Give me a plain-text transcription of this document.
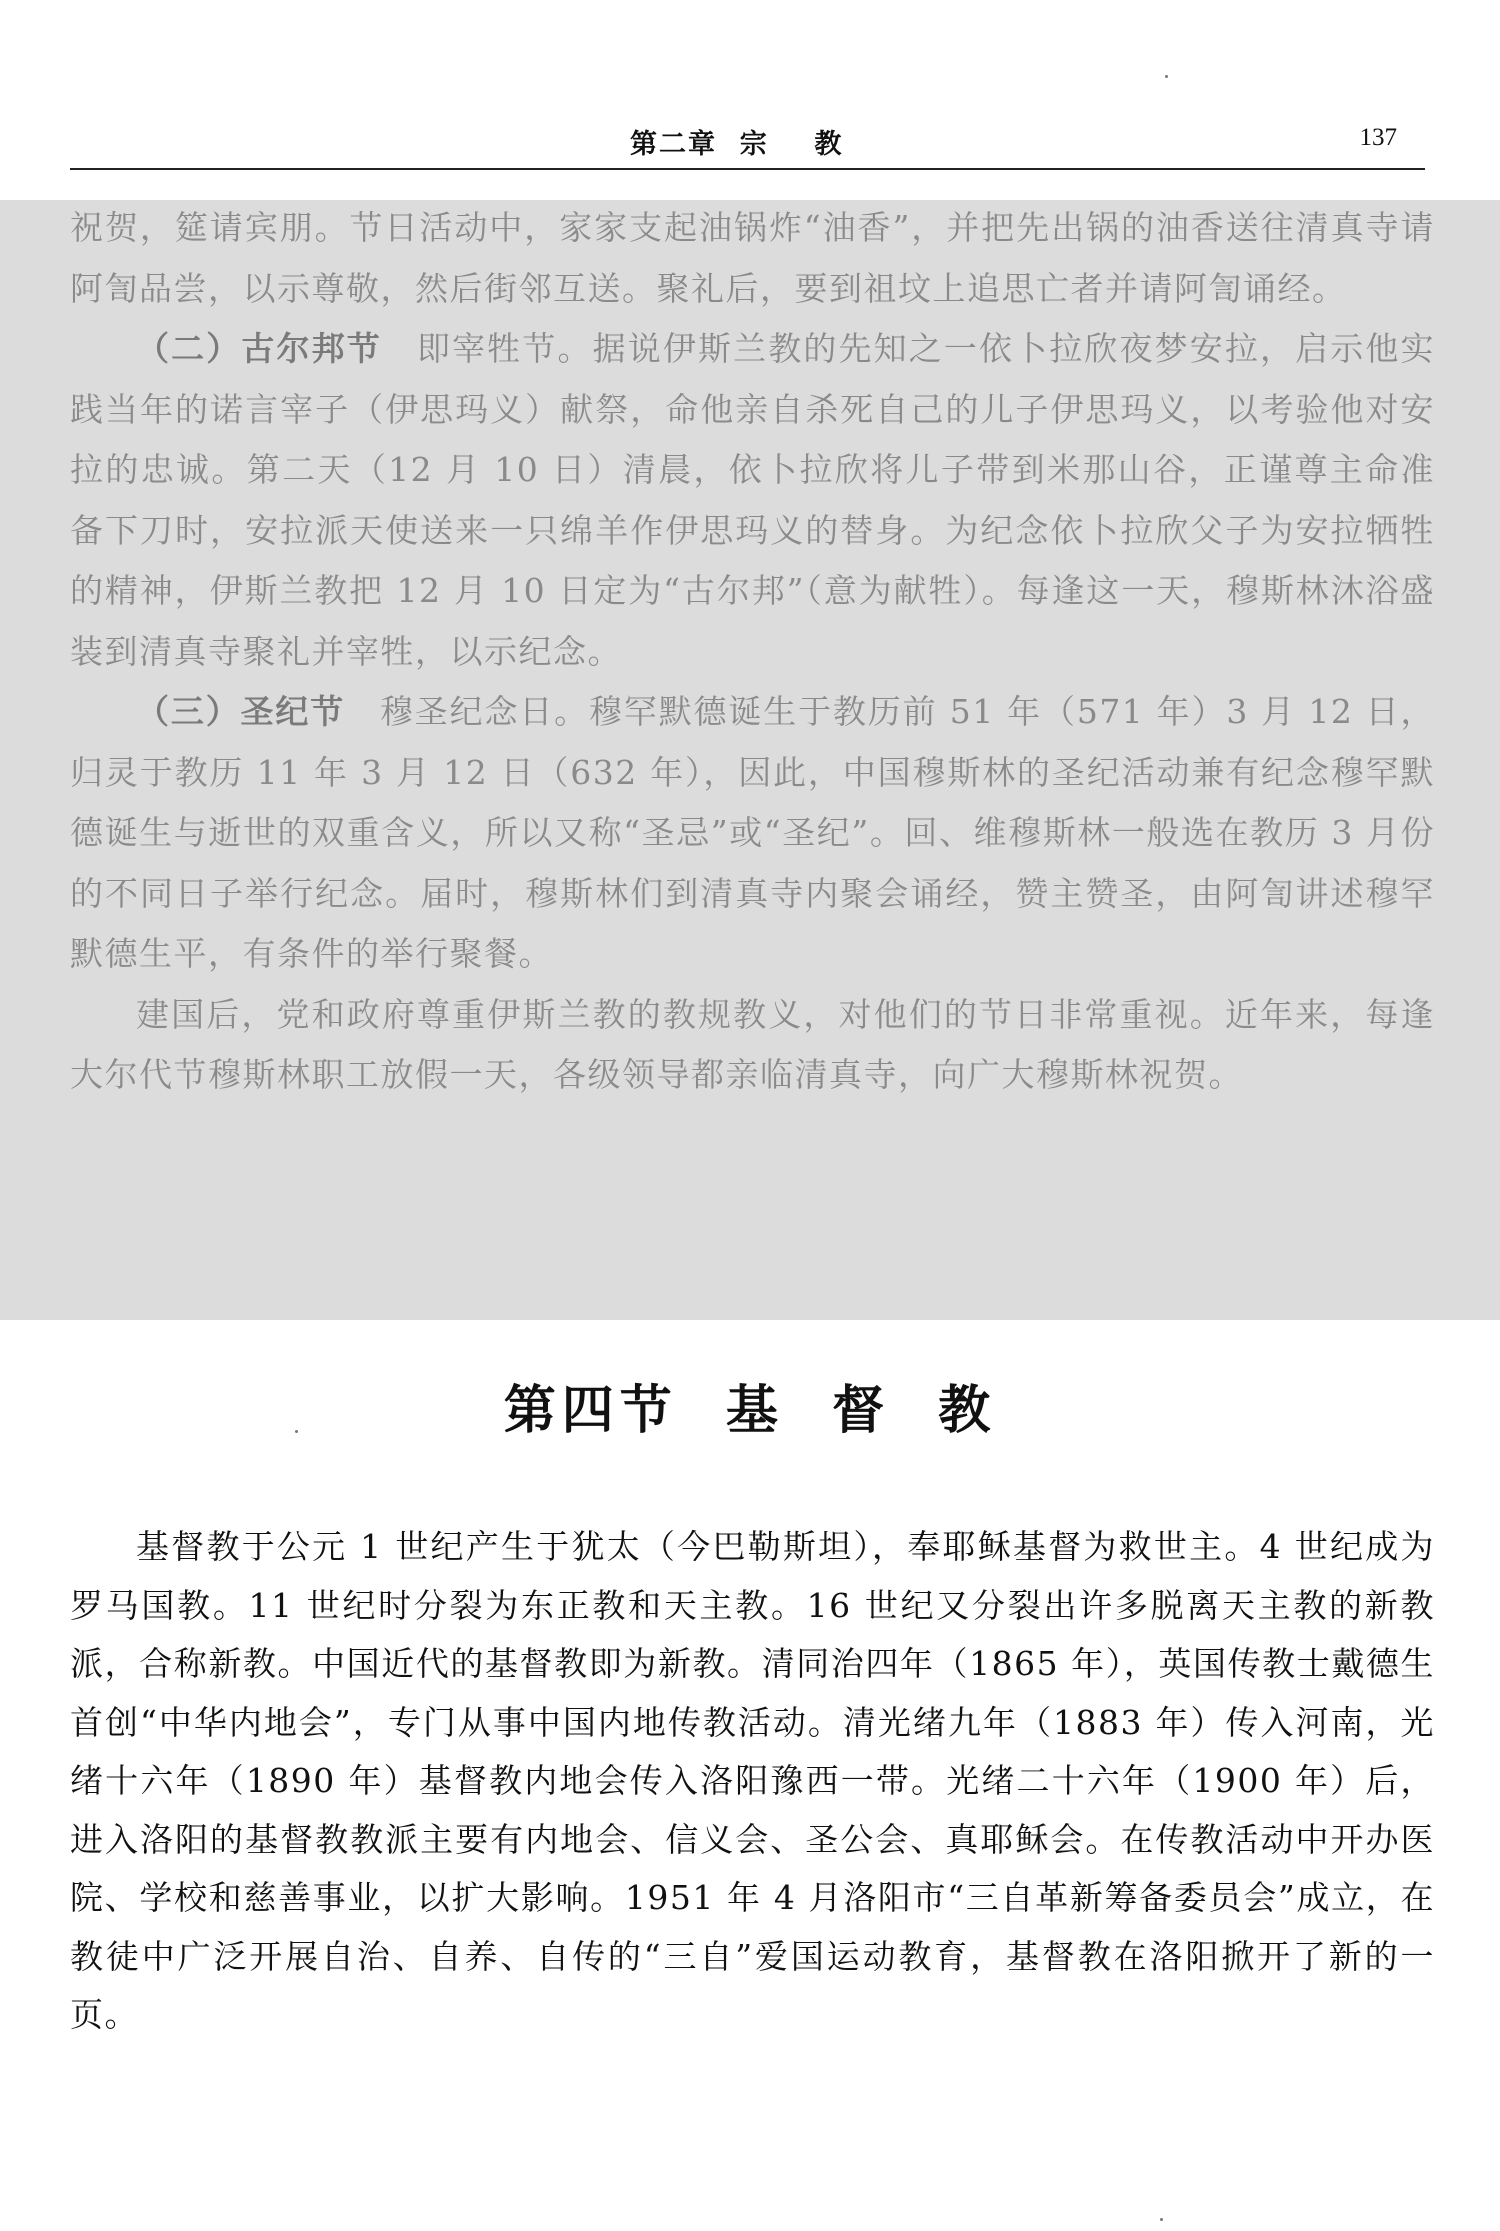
第二章  宗    教	137

祝贺，筵请宾朋。节日活动中，家家支起油锅炸“油香”，并把先出锅的油香送往清真寺请阿訇品尝，以示尊敬，然后街邻互送。聚礼后，要到祖坟上追思亡者并请阿訇诵经。

（二）古尔邦节　 即宰牲节。据说伊斯兰教的先知之一依卜拉欣夜梦安拉，启示他实践当年的诺言宰子（伊思玛义）献祭，命他亲自杀死自己的儿子伊思玛义，以考验他对安拉的忠诚。第二天（12 月 10 日）清晨，依卜拉欣将儿子带到米那山谷，正谨尊主命准备下刀时，安拉派天使送来一只绵羊作伊思玛义的替身。为纪念依卜拉欣父子为安拉牺牲的精神，伊斯兰教把 12 月 10 日定为“古尔邦”（意为献牲）。每逢这一天，穆斯林沐浴盛装到清真寺聚礼并宰牲，以示纪念。

（三）圣纪节　 穆圣纪念日。穆罕默德诞生于教历前 51 年（571 年）3 月 12 日，归灵于教历 11 年 3 月 12 日（632 年），因此，中国穆斯林的圣纪活动兼有纪念穆罕默德诞生与逝世的双重含义，所以又称“圣忌”或“圣纪”。回、维穆斯林一般选在教历 3 月份的不同日子举行纪念。届时，穆斯林们到清真寺内聚会诵经，赞主赞圣，由阿訇讲述穆罕默德生平，有条件的举行聚餐。

建国后，党和政府尊重伊斯兰教的教规教义，对他们的节日非常重视。近年来，每逢大尔代节穆斯林职工放假一天，各级领导都亲临清真寺，向广大穆斯林祝贺。

第四节  基  督  教

基督教于公元 1 世纪产生于犹太（今巴勒斯坦），奉耶稣基督为救世主。4 世纪成为罗马国教。11 世纪时分裂为东正教和天主教。16 世纪又分裂出许多脱离天主教的新教派，合称新教。中国近代的基督教即为新教。清同治四年（1865 年），英国传教士戴德生首创“中华内地会”，专门从事中国内地传教活动。清光绪九年（1883 年）传入河南，光绪十六年（1890 年）基督教内地会传入洛阳豫西一带。光绪二十六年（1900 年）后，进入洛阳的基督教教派主要有内地会、信义会、圣公会、真耶稣会。在传教活动中开办医院、学校和慈善事业，以扩大影响。1951 年 4 月洛阳市“三自革新筹备委员会”成立，在教徒中广泛开展自治、自养、自传的“三自”爱国运动教育，基督教在洛阳掀开了新的一页。
